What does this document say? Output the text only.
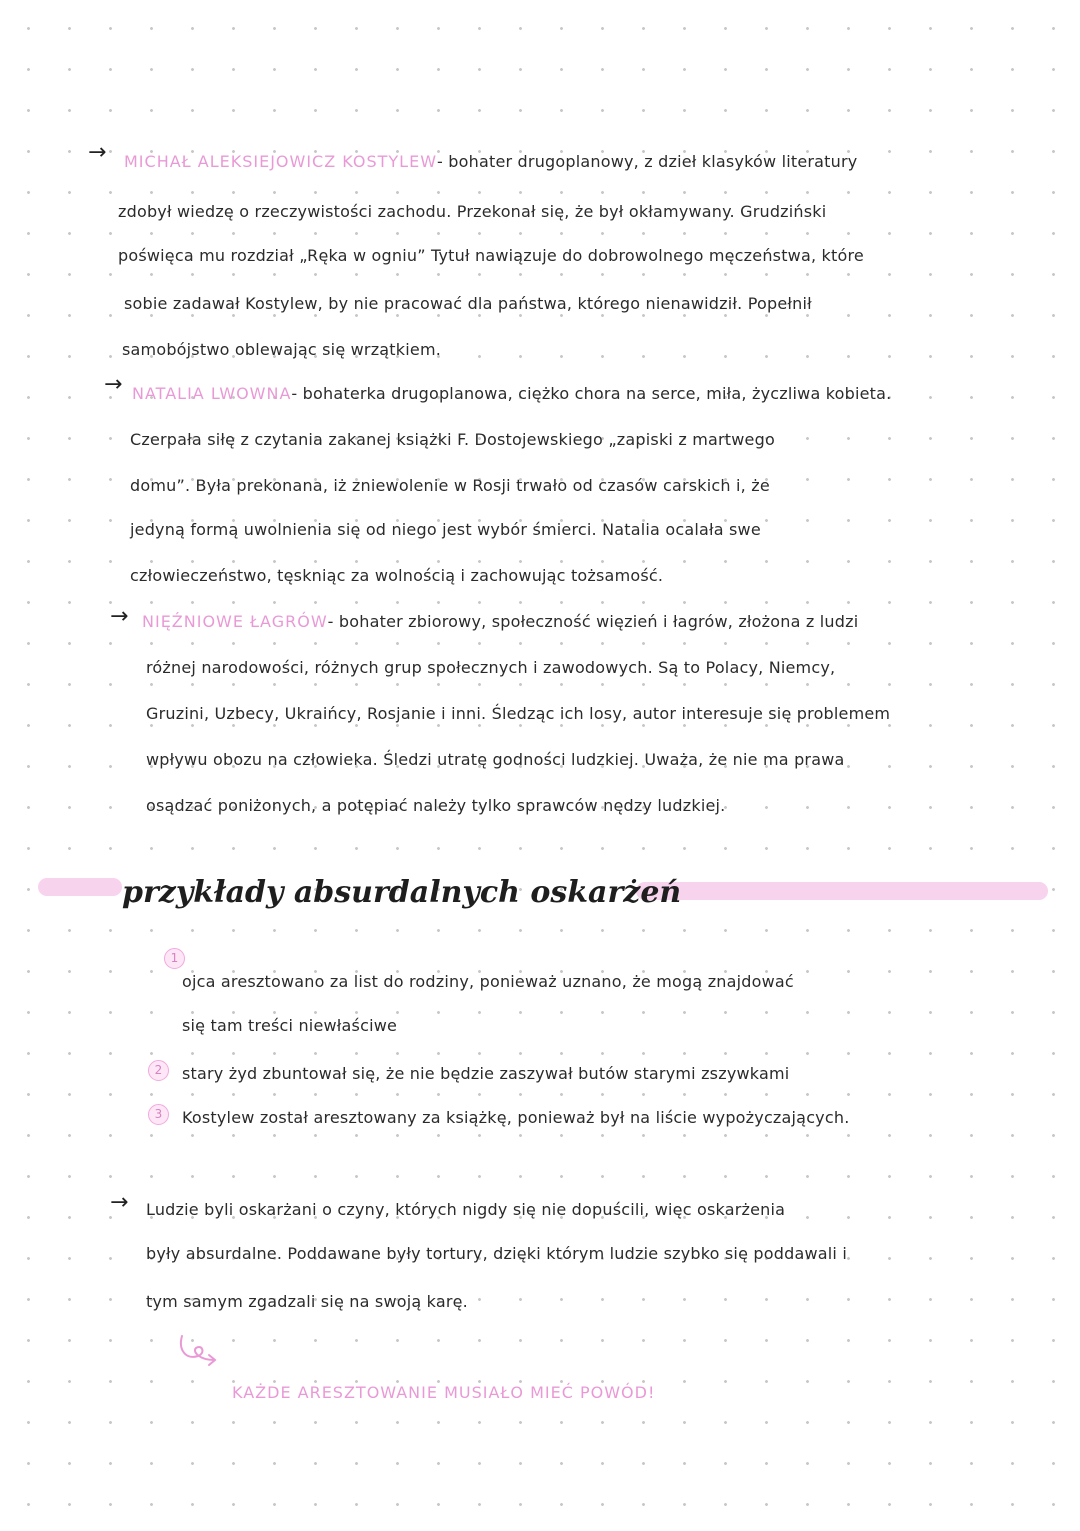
→ MICHAŁ ALEKSIEJOWICZ KOSTYLEW- bohater drugoplanowy, z dzieł klasyków literatury
zdobył wiedzę o rzeczywistości zachodu. Przekonał się, że był okłamywany. Grudziński
poświęca mu rozdział „Ręka w ogniu” Tytuł nawiązuje do dobrowolnego męczeństwa, które
sobie zadawał Kostylew, by nie pracować dla państwa, którego nienawidził. Popełnił
samobójstwo oblewając się wrzątkiem.
→ NATALIA LWOWNA- bohaterka drugoplanowa, ciężko chora na serce, miła, życzliwa kobieta.
Czerpała siłę z czytania zakanej książki F. Dostojewskiego „zapiski z martwego
domu”. Była prekonana, iż zniewolenie w Rosji trwało od czasów carskich i, że
jedyną formą uwolnienia się od niego jest wybór śmierci. Natalia ocalała swe
człowieczeństwo, tęskniąc za wolnością i zachowując tożsamość.
→ NIĘŹNIOWE ŁAGRÓW- bohater zbiorowy, społeczność więzień i łagrów, złożona z ludzi
różnej narodowości, różnych grup społecznych i zawodowych. Są to Polacy, Niemcy,
Gruzini, Uzbecy, Ukraińcy, Rosjanie i inni. Śledząc ich losy, autor interesuje się problemem
wpływu obozu na człowieka. Śledzi utratę godności ludzkiej. Uważa, że nie ma prawa
osądzać poniżonych, a potępiać należy tylko sprawców nędzy ludzkiej.
przykłady absurdalnych oskarżeń
1
ojca aresztowano za list do rodziny, ponieważ uznano, że mogą znajdować
się tam treści niewłaściwe
2	stary żyd zbuntował się, że nie będzie zaszywał butów starymi zszywkami
3	Kostylew został aresztowany za książkę, ponieważ był na liście wypożyczających.
→ Ludzie byli oskarżani o czyny, których nigdy się nie dopuścili, więc oskarżenia
były absurdalne. Poddawane były tortury, dzięki którym ludzie szybko się poddawali i
tym samym zgadzali się na swoją karę.
KAŻDE ARESZTOWANIE MUSIAŁO MIEĆ POWÓD!
